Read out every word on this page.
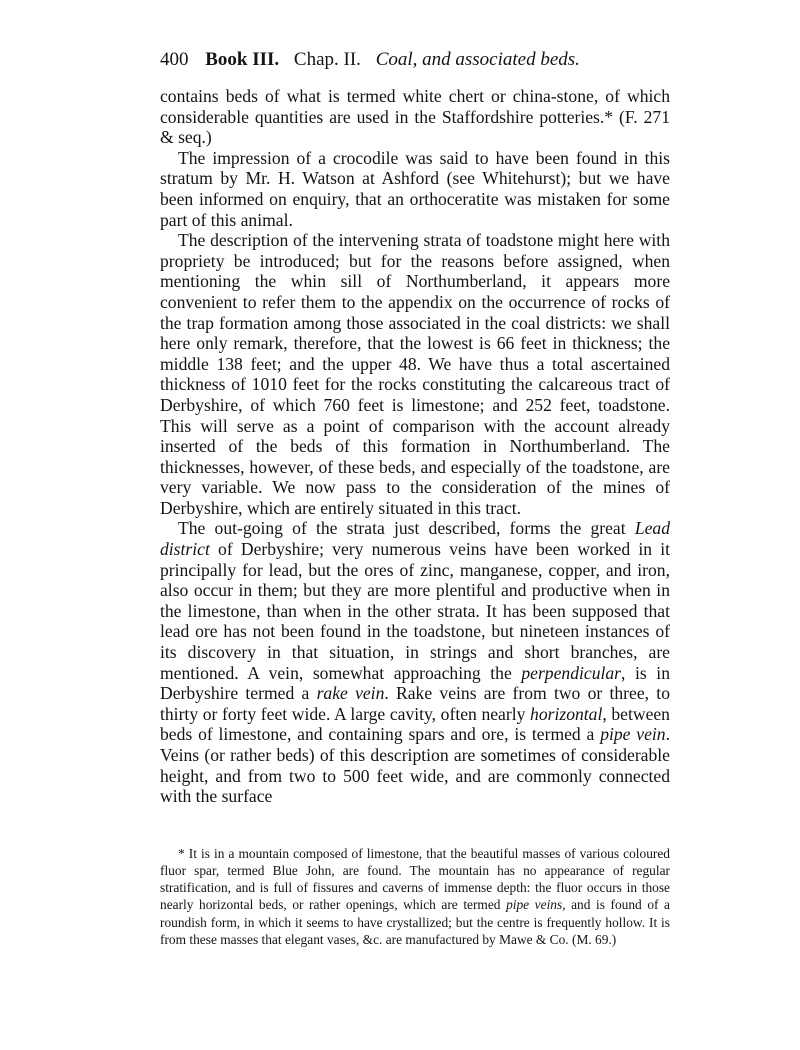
400 Book III. Chap. II. Coal, and associated beds.

contains beds of what is termed white chert or china-stone, of which considerable quantities are used in the Staffordshire potteries.* (F. 271 & seq.)

The impression of a crocodile was said to have been found in this stratum by Mr. H. Watson at Ashford (see Whitehurst); but we have been informed on enquiry, that an orthoceratite was mistaken for some part of this animal.

The description of the intervening strata of toadstone might here with propriety be introduced; but for the reasons before assigned, when mentioning the whin sill of Northumberland, it appears more convenient to refer them to the appendix on the occurrence of rocks of the trap formation among those associated in the coal districts: we shall here only remark, therefore, that the lowest is 66 feet in thickness; the middle 138 feet; and the upper 48. We have thus a total ascertained thickness of 1010 feet for the rocks constituting the calcareous tract of Derbyshire, of which 760 feet is limestone; and 252 feet, toadstone. This will serve as a point of comparison with the account already inserted of the beds of this formation in Northumberland. The thicknesses, however, of these beds, and especially of the toadstone, are very variable. We now pass to the consideration of the mines of Derbyshire, which are entirely situated in this tract.

The out-going of the strata just described, forms the great Lead district of Derbyshire; very numerous veins have been worked in it principally for lead, but the ores of zinc, manganese, copper, and iron, also occur in them; but they are more plentiful and productive when in the limestone, than when in the other strata. It has been supposed that lead ore has not been found in the toadstone, but nineteen instances of its discovery in that situation, in strings and short branches, are mentioned. A vein, somewhat approaching the perpendicular, is in Derbyshire termed a rake vein. Rake veins are from two or three, to thirty or forty feet wide. A large cavity, often nearly horizontal, between beds of limestone, and containing spars and ore, is termed a pipe vein. Veins (or rather beds) of this description are sometimes of considerable height, and from two to 500 feet wide, and are commonly connected with the surface

* It is in a mountain composed of limestone, that the beautiful masses of various coloured fluor spar, termed Blue John, are found. The mountain has no appearance of regular stratification, and is full of fissures and caverns of immense depth: the fluor occurs in those nearly horizontal beds, or rather openings, which are termed pipe veins, and is found of a roundish form, in which it seems to have crystallized; but the centre is frequently hollow. It is from these masses that elegant vases, &c. are manufactured by Mawe & Co. (M. 69.)
